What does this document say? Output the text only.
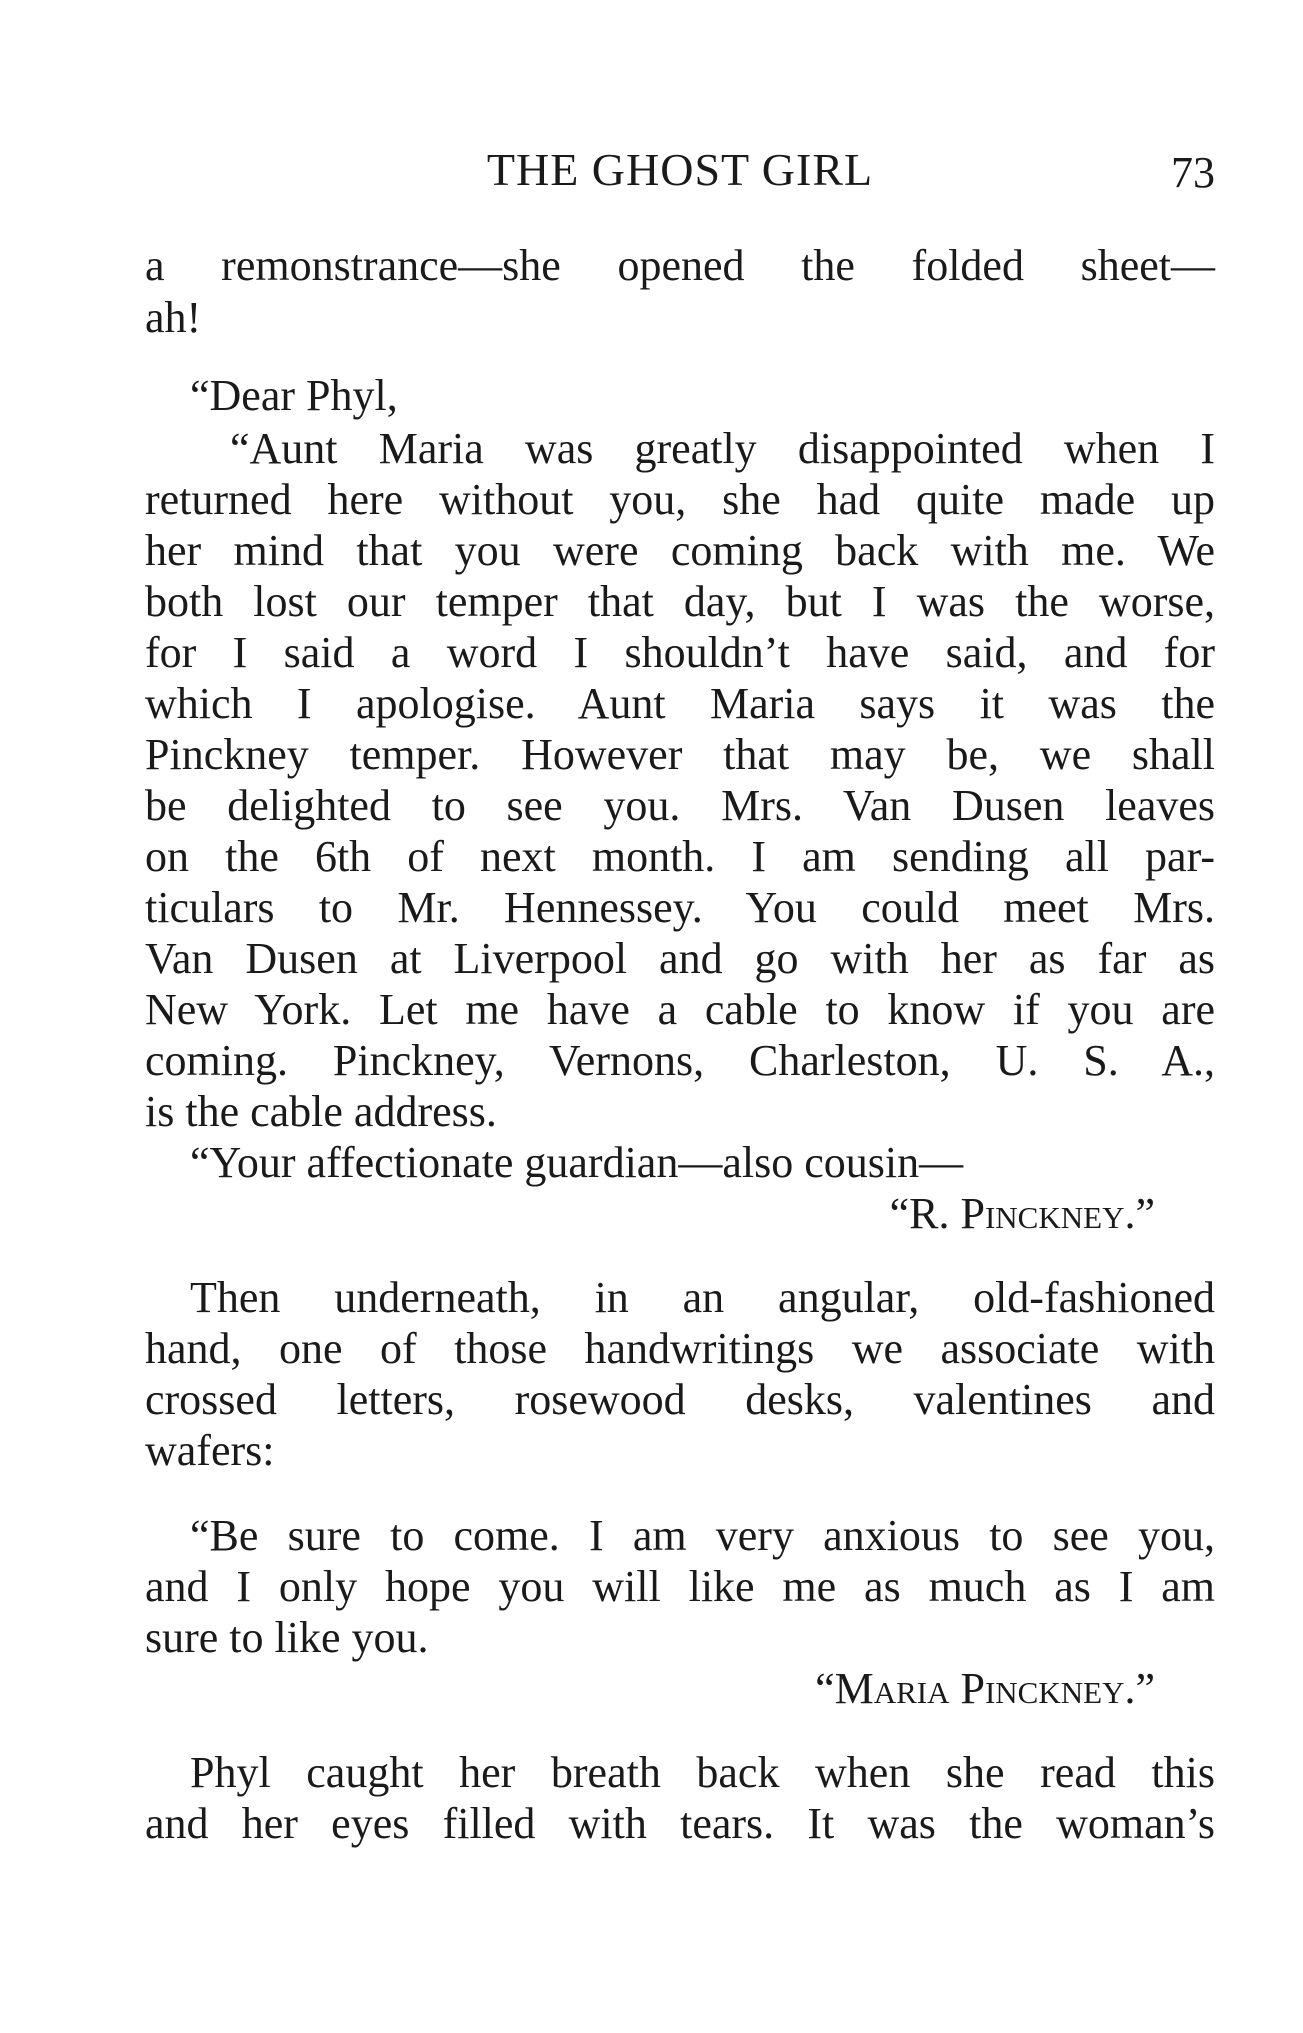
THE GHOST GIRL	73
a remonstrance—she opened the folded sheet—
ah!
“Dear Phyl,
“Aunt Maria was greatly disappointed when I
returned here without you, she had quite made up
her mind that you were coming back with me. We
both lost our temper that day, but I was the worse,
for I said a word I shouldn’t have said, and for
which I apologise. Aunt Maria says it was the
Pinckney temper. However that may be, we shall
be delighted to see you. Mrs. Van Dusen leaves
on the 6th of next month. I am sending all par-
ticulars to Mr. Hennessey. You could meet Mrs.
Van Dusen at Liverpool and go with her as far as
New York. Let me have a cable to know if you are
coming. Pinckney, Vernons, Charleston, U. S. A.,
is the cable address.
“Your affectionate guardian—also cousin—
“R. Pinckney.”
Then underneath, in an angular, old-fashioned
hand, one of those handwritings we associate with
crossed letters, rosewood desks, valentines and
wafers:
“Be sure to come. I am very anxious to see you,
and I only hope you will like me as much as I am
sure to like you.
“Maria Pinckney.”
Phyl caught her breath back when she read this
and her eyes filled with tears. It was the woman’s
